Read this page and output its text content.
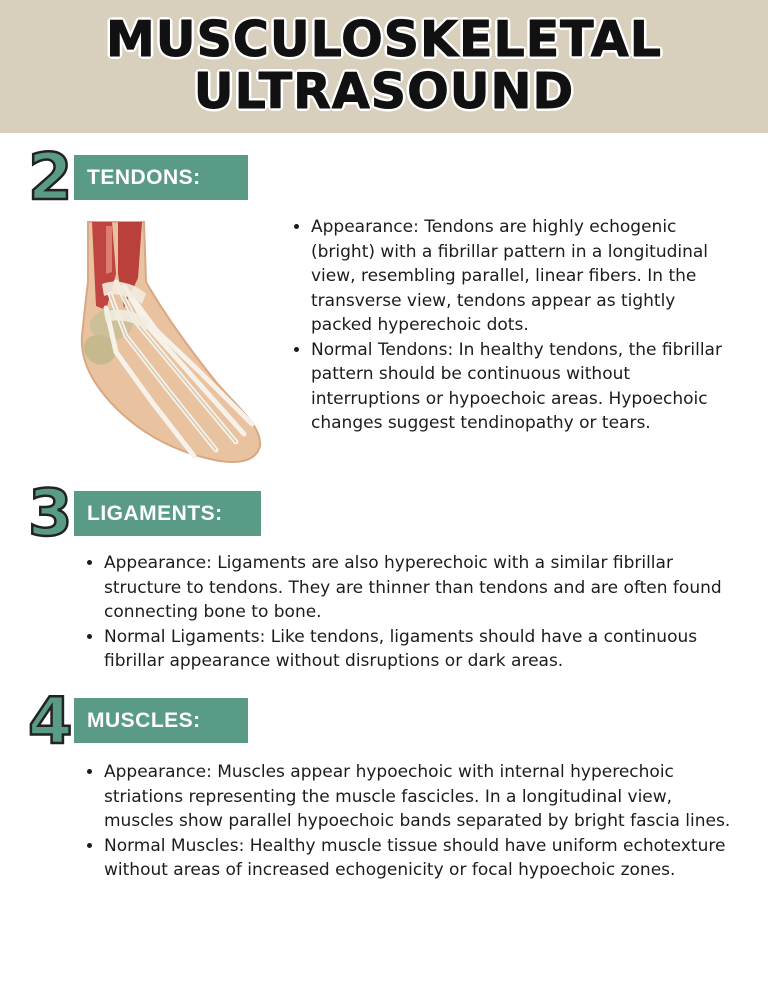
MUSCULOSKELETAL
ULTRASOUND
2 TENDONS:
• Appearance: Tendons are highly echogenic (bright) with a fibrillar pattern in a longitudinal view, resembling parallel, linear fibers. In the transverse view, tendons appear as tightly packed hyperechoic dots.
• Normal Tendons: In healthy tendons, the fibrillar pattern should be continuous without interruptions or hypoechoic areas. Hypoechoic changes suggest tendinopathy or tears.
3 LIGAMENTS:
• Appearance: Ligaments are also hyperechoic with a similar fibrillar structure to tendons. They are thinner than tendons and are often found connecting bone to bone.
• Normal Ligaments: Like tendons, ligaments should have a continuous fibrillar appearance without disruptions or dark areas.
4 MUSCLES:
• Appearance: Muscles appear hypoechoic with internal hyperechoic striations representing the muscle fascicles. In a longitudinal view, muscles show parallel hypoechoic bands separated by bright fascia lines.
• Normal Muscles: Healthy muscle tissue should have uniform echotexture without areas of increased echogenicity or focal hypoechoic zones.
